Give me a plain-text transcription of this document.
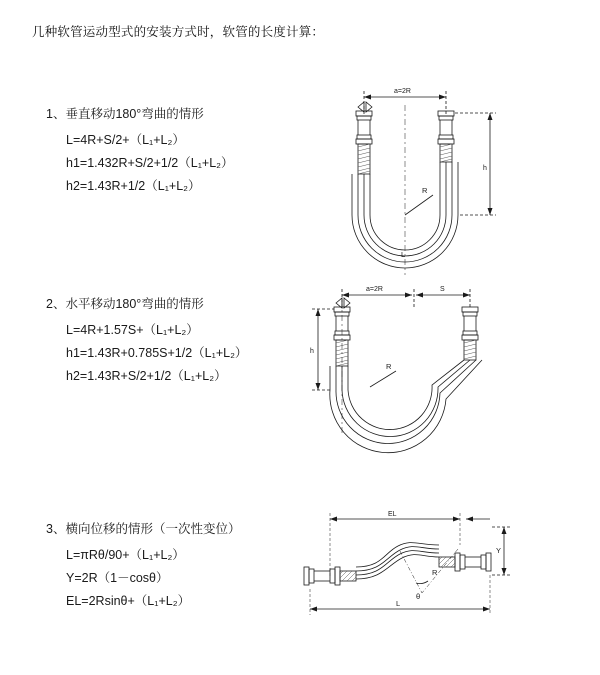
几种软管运动型式的安装方式时，软管的长度计算：
1、垂直移动180°弯曲的情形
L=4R+S/2+（L₁+L₂）
h1=1.432R+S/2+1/2（L₁+L₂）
h2=1.43R+1/2（L₁+L₂）
a=2R
h
R
L
2、水平移动180°弯曲的情形
L=4R+1.57S+（L₁+L₂）
h1=1.43R+0.785S+1/2（L₁+L₂）
h2=1.43R+S/2+1/2（L₁+L₂）
a=2R	S
h
R
3、横向位移的情形（一次性变位）
L=πRθ/90+（L₁+L₂）
Y=2R（1－cosθ）
EL=2Rsinθ+（L₁+L₂）
EL
Y
L
θ
R
